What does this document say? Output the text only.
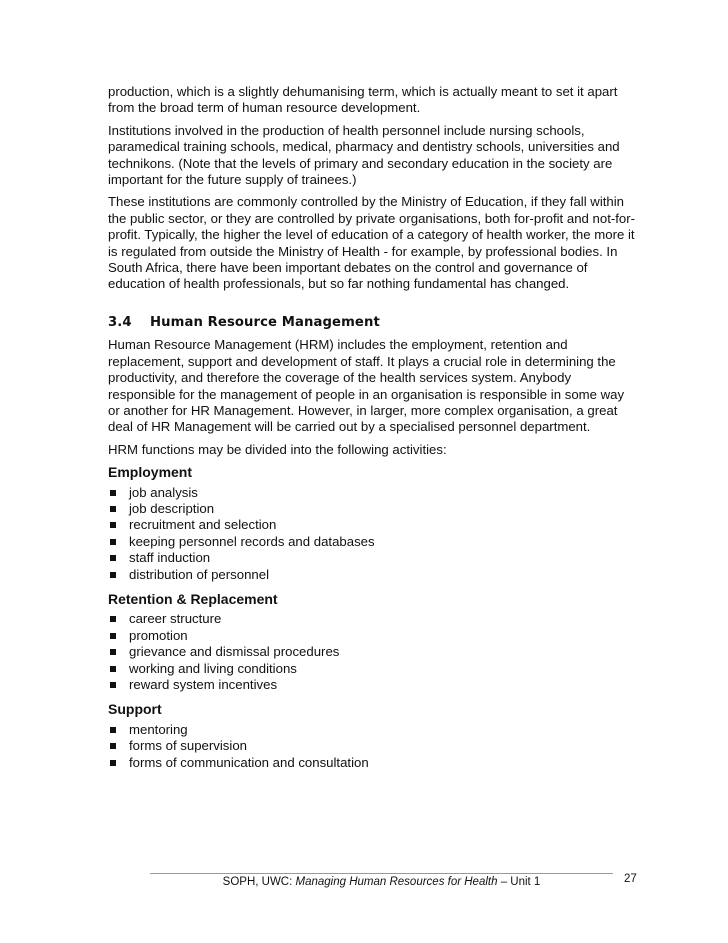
production, which is a slightly dehumanising term, which is actually meant to set it apart from the broad term of human resource development.

Institutions involved in the production of health personnel include nursing schools, paramedical training schools, medical, pharmacy and dentistry schools, universities and technikons. (Note that the levels of primary and secondary education in the society are important for the future supply of trainees.)

These institutions are commonly controlled by the Ministry of Education, if they fall within the public sector, or they are controlled by private organisations, both for-profit and not-for-profit. Typically, the higher the level of education of a category of health worker, the more it is regulated from outside the Ministry of Health - for example, by professional bodies. In South Africa, there have been important debates on the control and governance of education of health professionals, but so far nothing fundamental has changed.

3.4 Human Resource Management

Human Resource Management (HRM) includes the employment, retention and replacement, support and development of staff. It plays a crucial role in determining the productivity, and therefore the coverage of the health services system. Anybody responsible for the management of people in an organisation is responsible in some way or another for HR Management. However, in larger, more complex organisation, a great deal of HR Management will be carried out by a specialised personnel department.

HRM functions may be divided into the following activities:

Employment
job analysis
job description
recruitment and selection
keeping personnel records and databases
staff induction
distribution of personnel
Retention & Replacement
career structure
promotion
grievance and dismissal procedures
working and living conditions
reward system incentives
Support
mentoring
forms of supervision
forms of communication and consultation
SOPH, UWC: Managing Human Resources for Health – Unit 1	27
